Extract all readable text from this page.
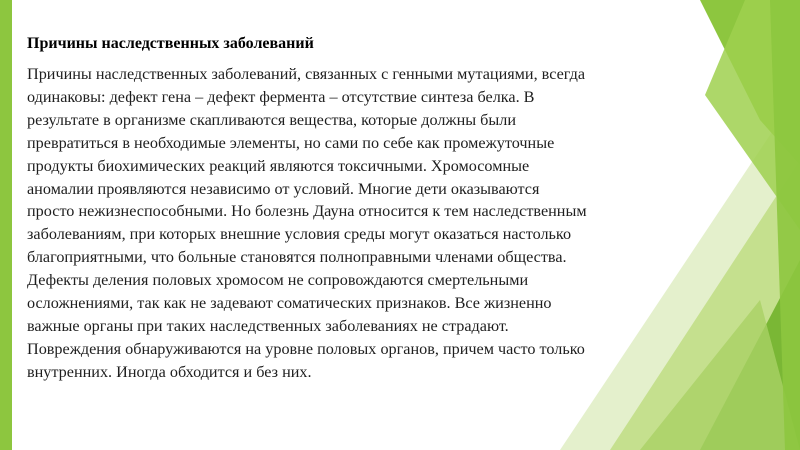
Причины наследственных заболеваний
Причины наследственных заболеваний, связанных с генными мутациями, всегда
одинаковы: дефект гена – дефект фермента – отсутствие синтеза белка. В
результате в организме скапливаются вещества, которые должны были
превратиться в необходимые элементы, но сами по себе как промежуточные
продукты биохимических реакций являются токсичными. Хромосомные
аномалии проявляются независимо от условий. Многие дети оказываются
просто нежизнеспособными. Но болезнь Дауна относится к тем наследственным
заболеваниям, при которых внешние условия среды могут оказаться настолько
благоприятными, что больные становятся полноправными членами общества.
Дефекты деления половых хромосом не сопровождаются смертельными
осложнениями, так как не задевают соматических признаков. Все жизненно
важные органы при таких наследственных заболеваниях не страдают.
Повреждения обнаруживаются на уровне половых органов, причем часто только
внутренних. Иногда обходится и без них.
